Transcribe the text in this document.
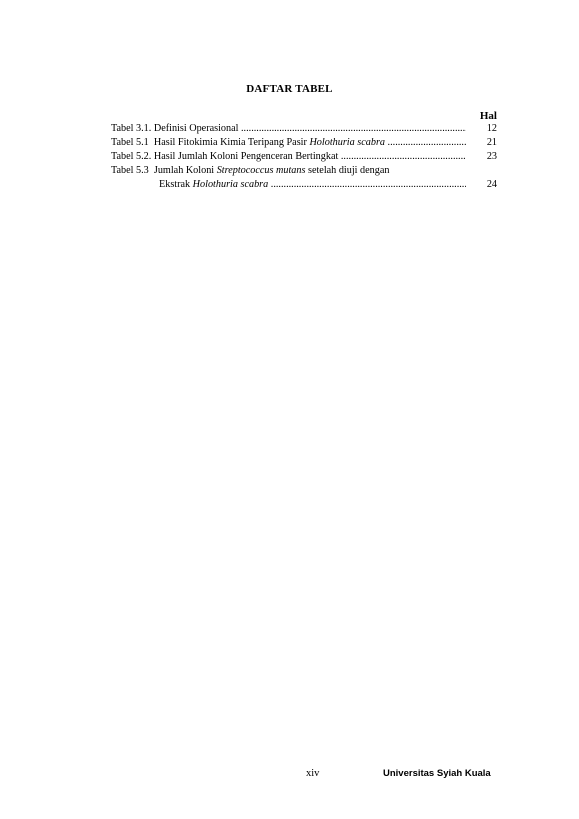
DAFTAR TABEL
Hal
Tabel 3.1. Definisi Operasional .....	12
Tabel 5.1  Hasil Fitokimia Kimia Teripang Pasir Holothuria scabra .....	21
Tabel 5.2. Hasil Jumlah Koloni Pengenceran Bertingkat .....	23
Tabel 5.3  Jumlah Koloni Streptococcus mutans setelah diuji dengan
Ekstrak Holothuria scabra .....	24
xiv	Universitas Syiah Kuala
